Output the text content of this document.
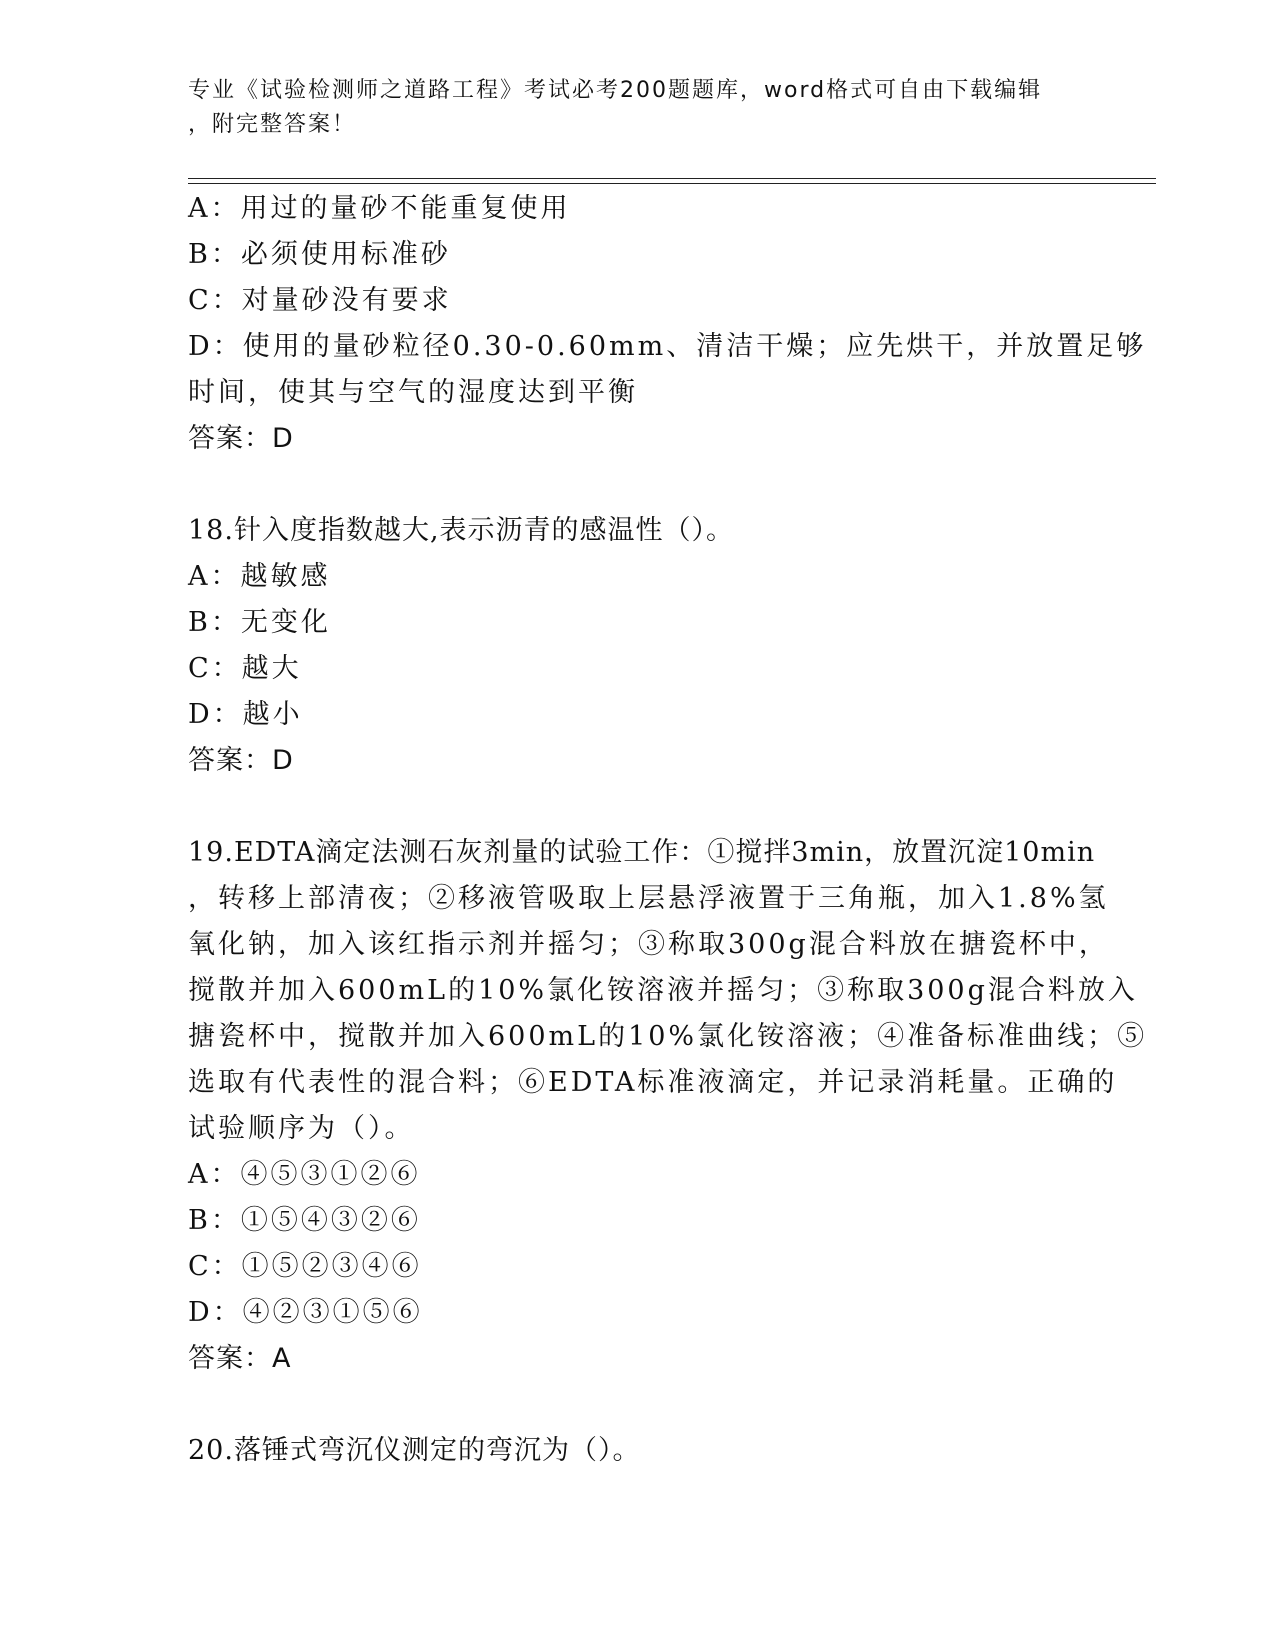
专业《试验检测师之道路工程》考试必考200题题库，word格式可自由下载编辑
，附完整答案！
A：用过的量砂不能重复使用
B：必须使用标准砂
C：对量砂没有要求
D：使用的量砂粒径0.30-0.60mm、清洁干燥；应先烘干，并放置足够
时间，使其与空气的湿度达到平衡
答案：D
18.针入度指数越大,表示沥青的感温性（）。
A：越敏感
B：无变化
C：越大
D：越小
答案：D
19.EDTA滴定法测石灰剂量的试验工作：①搅拌3min，放置沉淀10min
，转移上部清夜；②移液管吸取上层悬浮液置于三角瓶，加入1.8%氢
氧化钠，加入该红指示剂并摇匀；③称取300g混合料放在搪瓷杯中，
搅散并加入600mL的10%氯化铵溶液并摇匀；③称取300g混合料放入
搪瓷杯中，搅散并加入600mL的10%氯化铵溶液；④准备标准曲线；⑤
选取有代表性的混合料；⑥EDTA标准液滴定，并记录消耗量。正确的
试验顺序为（）。
A：④⑤③①②⑥
B：①⑤④③②⑥
C：①⑤②③④⑥
D：④②③①⑤⑥
答案：A
20.落锤式弯沉仪测定的弯沉为（）。
